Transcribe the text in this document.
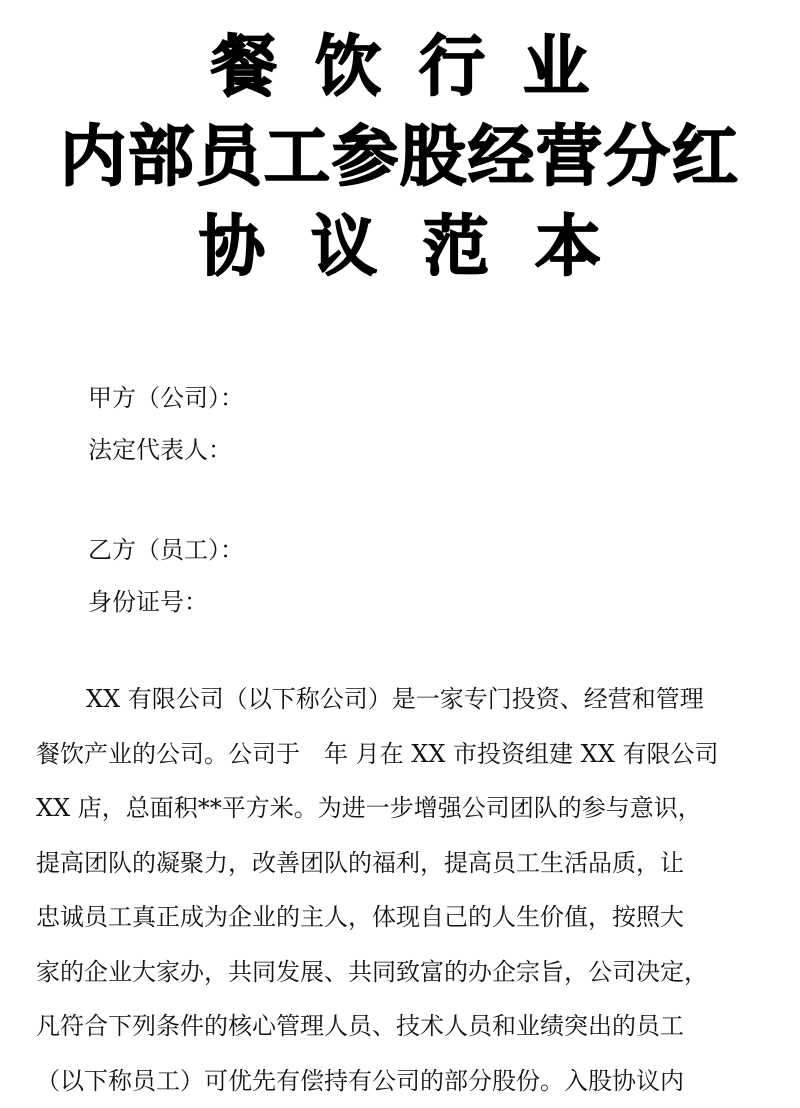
餐饮行业
内部员工参股经营分红
协议范本
甲方（公司）：
法定代表人：
乙方（员工）：
身份证号：
XX 有限公司（以下称公司）是一家专门投资、经营和管理
餐饮产业的公司。公司于　年 月在 XX 市投资组建 XX 有限公司
XX 店，总面积**平方米。为进一步增强公司团队的参与意识，
提高团队的凝聚力，改善团队的福利，提高员工生活品质，让
忠诚员工真正成为企业的主人，体现自己的人生价值，按照大
家的企业大家办，共同发展、共同致富的办企宗旨，公司决定，
凡符合下列条件的核心管理人员、技术人员和业绩突出的员工
（以下称员工）可优先有偿持有公司的部分股份。入股协议内
